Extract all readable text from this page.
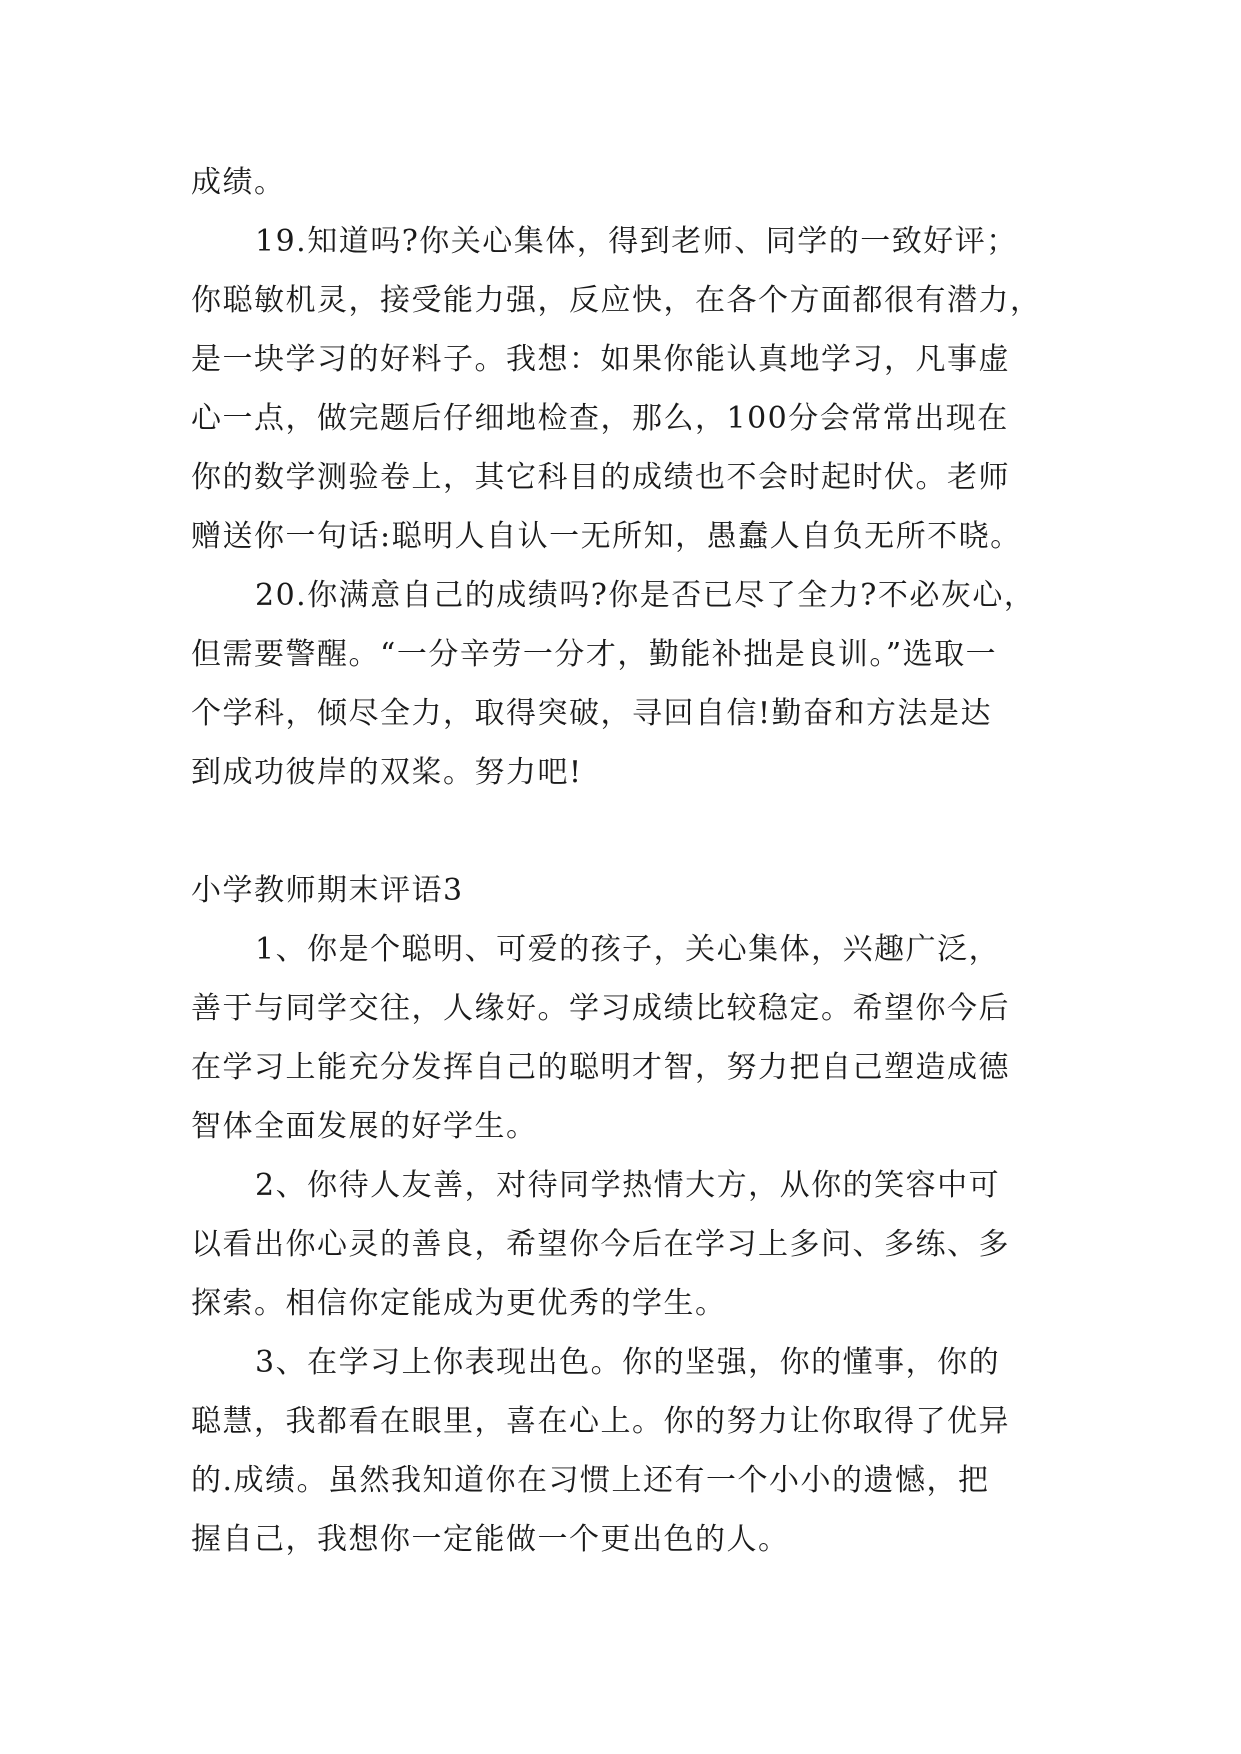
成绩。
19.知道吗?你关心集体，得到老师、同学的一致好评；
你聪敏机灵，接受能力强，反应快，在各个方面都很有潜力，
是一块学习的好料子。我想：如果你能认真地学习，凡事虚
心一点，做完题后仔细地检查，那么，100分会常常出现在
你的数学测验卷上，其它科目的成绩也不会时起时伏。老师
赠送你一句话:聪明人自认一无所知，愚蠢人自负无所不晓。
20.你满意自己的成绩吗?你是否已尽了全力?不必灰心，
但需要警醒。“一分辛劳一分才，勤能补拙是良训。”选取一
个学科，倾尽全力，取得突破，寻回自信!勤奋和方法是达
到成功彼岸的双桨。努力吧!
小学教师期末评语3
1、你是个聪明、可爱的孩子，关心集体，兴趣广泛，
善于与同学交往，人缘好。学习成绩比较稳定。希望你今后
在学习上能充分发挥自己的聪明才智，努力把自己塑造成德
智体全面发展的好学生。
2、你待人友善，对待同学热情大方，从你的笑容中可
以看出你心灵的善良，希望你今后在学习上多问、多练、多
探索。相信你定能成为更优秀的学生。
3、在学习上你表现出色。你的坚强，你的懂事，你的
聪慧，我都看在眼里，喜在心上。你的努力让你取得了优异
的.成绩。虽然我知道你在习惯上还有一个小小的遗憾，把
握自己，我想你一定能做一个更出色的人。
